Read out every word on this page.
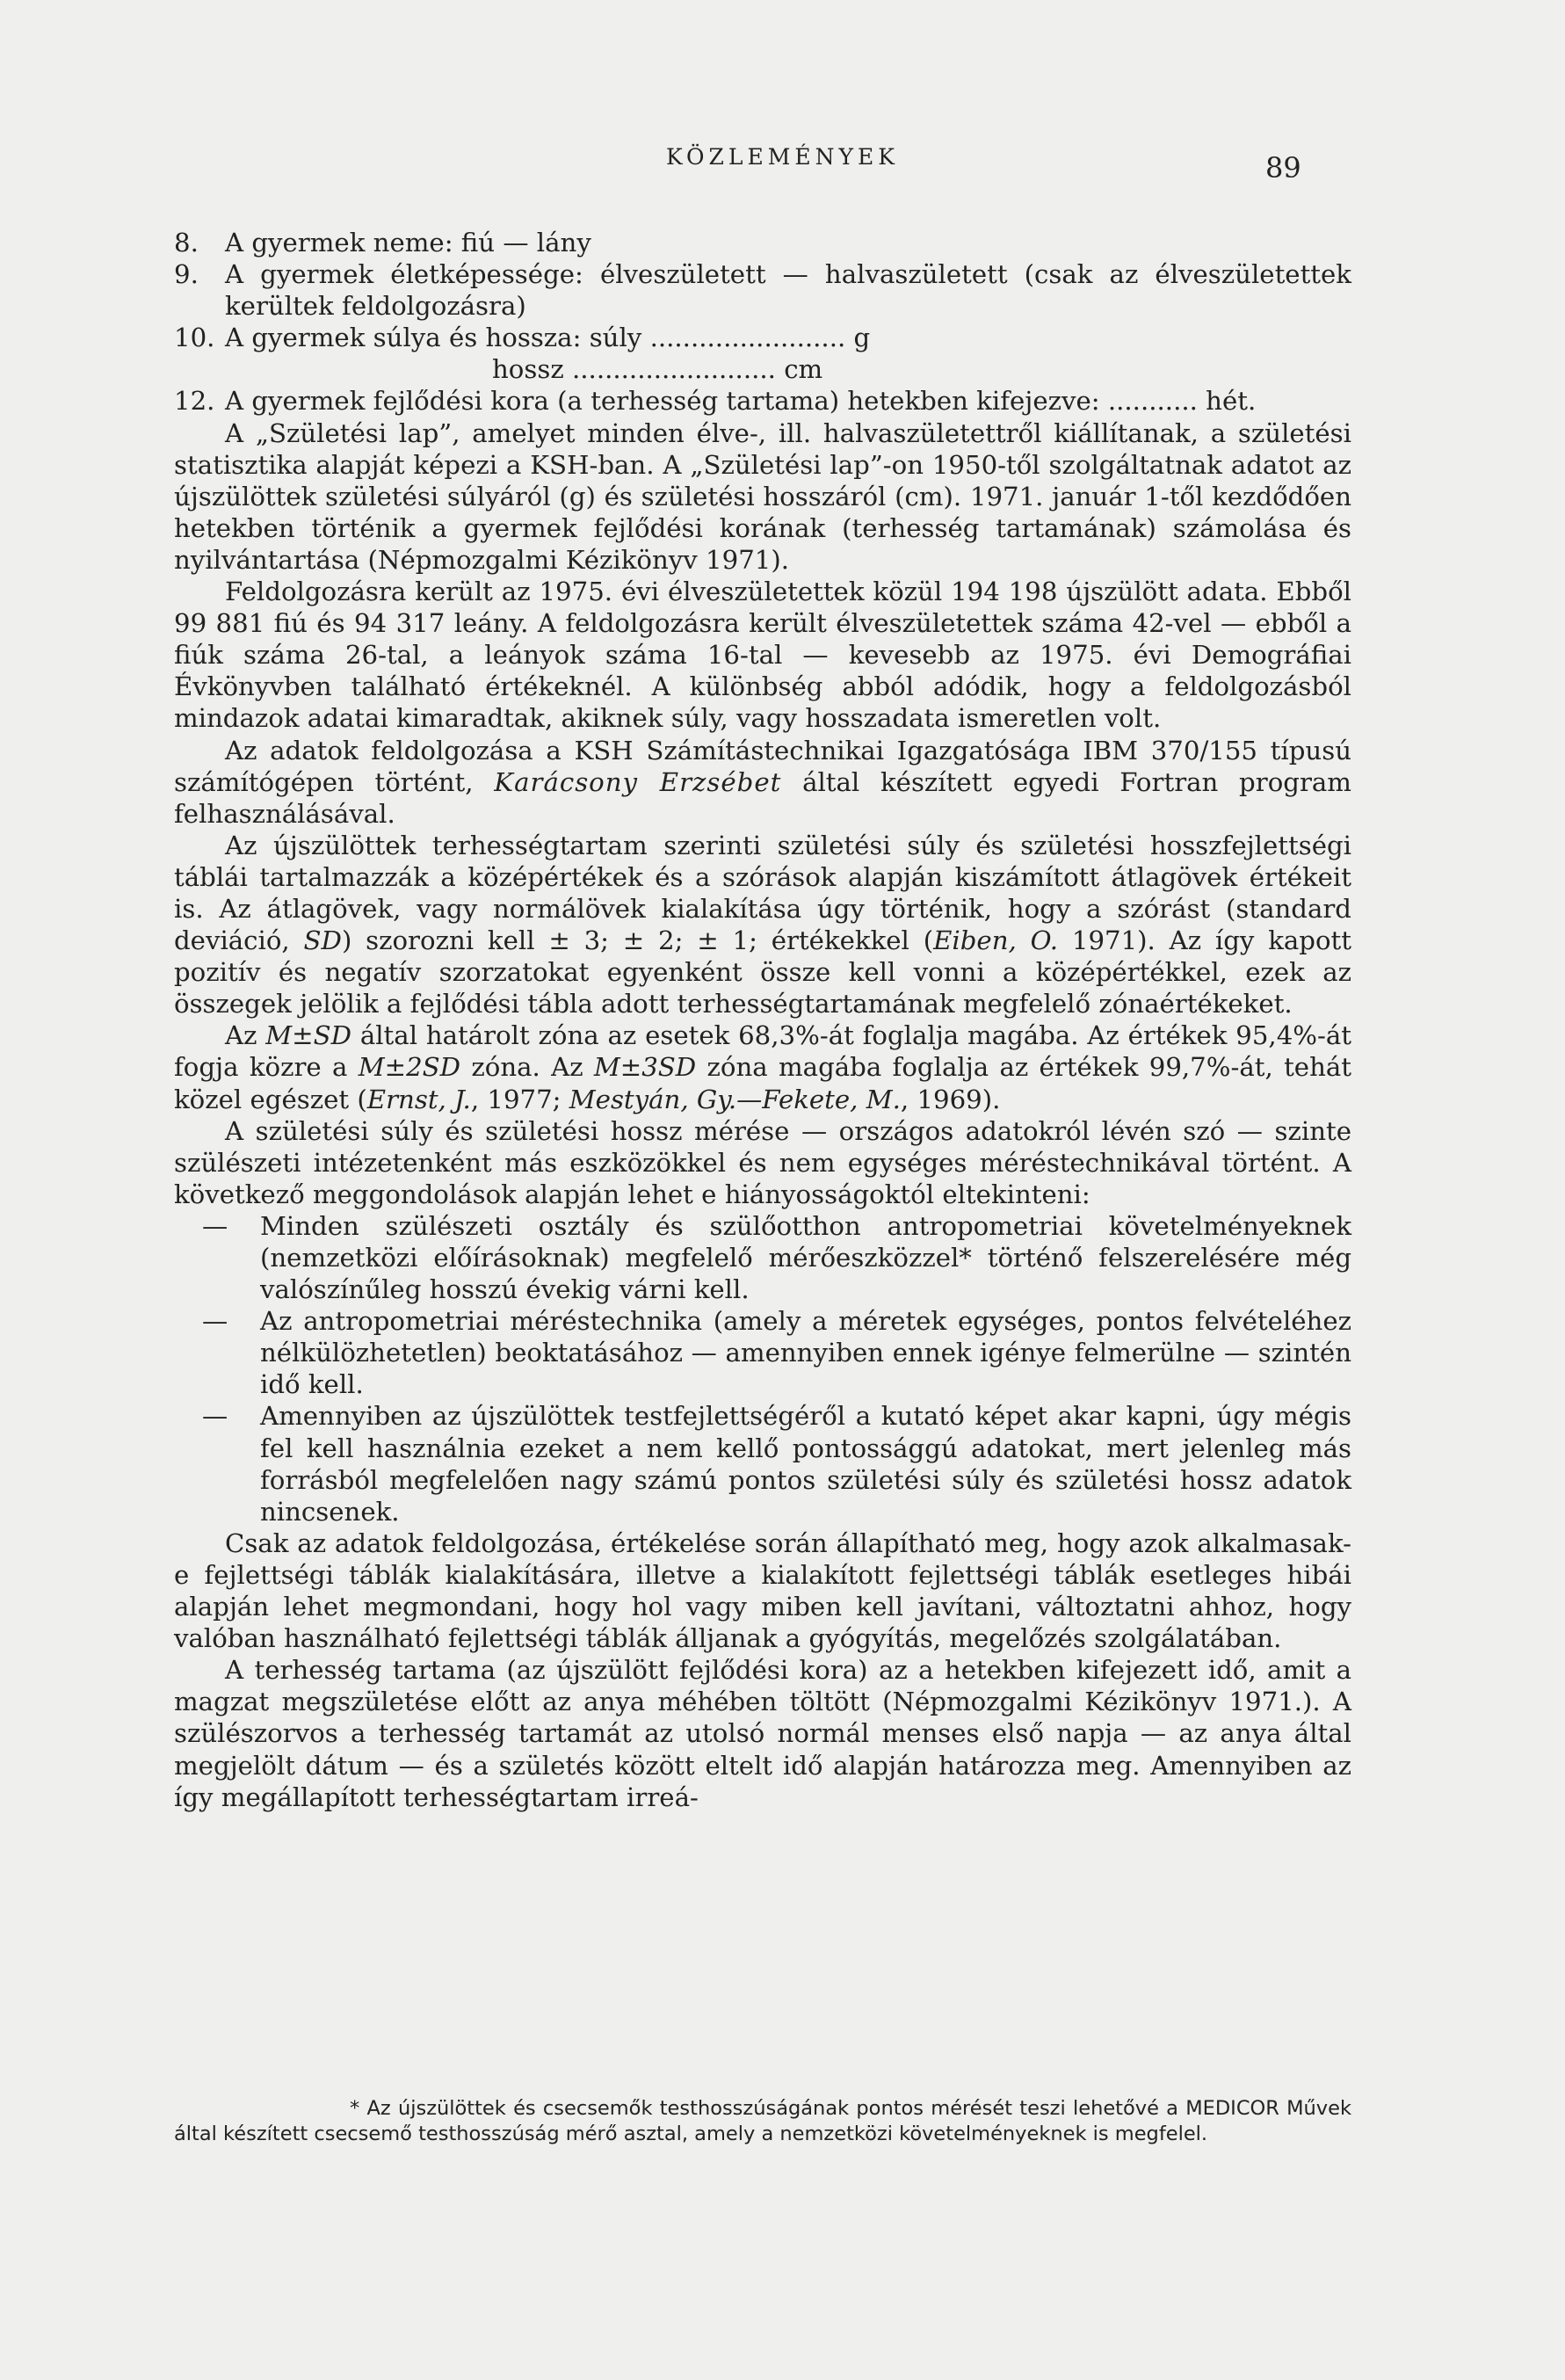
KÖZLEMÉNYEK	89

8. A gyermek neme: fiú — lány

9. A gyermek életképessége: élveszületett — halvaszületett (csak az élveszületettek kerültek feldolgozásra)

10. A gyermek súlya és hossza: súly ........................ g

hossz ......................... cm

12. A gyermek fejlődési kora (a terhesség tartama) hetekben kifejezve: ........... hét.

A „Születési lap”, amelyet minden élve-, ill. halvaszületettről kiállítanak, a születési statisztika alapját képezi a KSH-ban. A „Születési lap”-on 1950-től szolgáltatnak adatot az újszülöttek születési súlyáról (g) és születési hosszáról (cm). 1971. január 1-től kezdődően hetekben történik a gyermek fejlődési korának (terhesség tartamának) számolása és nyilvántartása (Népmozgalmi Kézikönyv 1971).

Feldolgozásra került az 1975. évi élveszületettek közül 194 198 újszülött adata. Ebből 99 881 fiú és 94 317 leány. A feldolgozásra került élveszületettek száma 42-vel — ebből a fiúk száma 26-tal, a leányok száma 16-tal — kevesebb az 1975. évi Demográfiai Évkönyvben található értékeknél. A különbség abból adódik, hogy a feldolgozásból mindazok adatai kimaradtak, akiknek súly, vagy hosszadata ismeretlen volt.

Az adatok feldolgozása a KSH Számítástechnikai Igazgatósága IBM 370/155 típusú számítógépen történt, Karácsony Erzsébet által készített egyedi Fortran program felhasználásával.

Az újszülöttek terhességtartam szerinti születési súly és születési hosszfejlettségi táblái tartalmazzák a középértékek és a szórások alapján kiszámított átlagövek értékeit is. Az átlagövek, vagy normálövek kialakítása úgy történik, hogy a szórást (standard deviáció, SD) szorozni kell ± 3; ± 2; ± 1; értékekkel (Eiben, O. 1971). Az így kapott pozitív és negatív szorzatokat egyenként össze kell vonni a középértékkel, ezek az összegek jelölik a fejlődési tábla adott terhességtartamának megfelelő zónaértékeket.

Az M±SD által határolt zóna az esetek 68,3%-át foglalja magába. Az értékek 95,4%-át fogja közre a M±2SD zóna. Az M±3SD zóna magába foglalja az értékek 99,7%-át, tehát közel egészet (Ernst, J., 1977; Mestyán, Gy.—Fekete, M., 1969).

A születési súly és születési hossz mérése — országos adatokról lévén szó — szinte szülészeti intézetenként más eszközökkel és nem egységes méréstechnikával történt. A következő meggondolások alapján lehet e hiányosságoktól eltekinteni:

— Minden szülészeti osztály és szülőotthon antropometriai követelményeknek (nemzetközi előírásoknak) megfelelő mérőeszközzel* történő felszerelésére még valószínűleg hosszú évekig várni kell.

— Az antropometriai méréstechnika (amely a méretek egységes, pontos felvételéhez nélkülözhetetlen) beoktatásához — amennyiben ennek igénye felmerülne — szintén idő kell.

— Amennyiben az újszülöttek testfejlettségéről a kutató képet akar kapni, úgy mégis fel kell használnia ezeket a nem kellő pontossággú adatokat, mert jelenleg más forrásból megfelelően nagy számú pontos születési súly és születési hossz adatok nincsenek.

Csak az adatok feldolgozása, értékelése során állapítható meg, hogy azok alkalmasak-e fejlettségi táblák kialakítására, illetve a kialakított fejlettségi táblák esetleges hibái alapján lehet megmondani, hogy hol vagy miben kell javítani, változtatni ahhoz, hogy valóban használható fejlettségi táblák álljanak a gyógyítás, megelőzés szolgálatában.

A terhesség tartama (az újszülött fejlődési kora) az a hetekben kifejezett idő, amit a magzat megszületése előtt az anya méhében töltött (Népmozgalmi Kézikönyv 1971.). A szülészorvos a terhesség tartamát az utolsó normál menses első napja — az anya által megjelölt dátum — és a születés között eltelt idő alapján határozza meg. Amennyiben az így megállapított terhességtartam irreá-

* Az újszülöttek és csecsemők testhosszúságának pontos mérését teszi lehetővé a MEDICOR Művek által készített csecsemő testhosszúság mérő asztal, amely a nemzetközi követelményeknek is megfelel.
